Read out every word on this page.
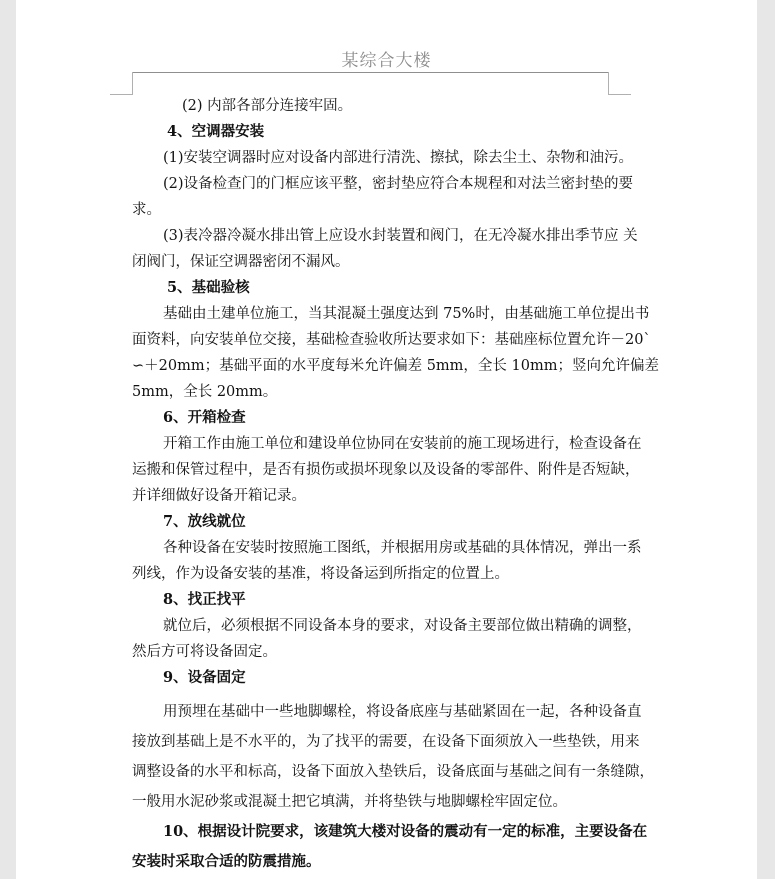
某综合大楼

(2) 内部各部分连接牢固。

4、空调器安装

(1)安装空调器时应对设备内部进行清洗、擦拭，除去尘土、杂物和油污。

(2)设备检查门的门框应该平整，密封垫应符合本规程和对法兰密封垫的要

求。

(3)表冷器冷凝水排出管上应设水封装置和阀门，在无冷凝水排出季节应 关

闭阀门，保证空调器密闭不漏风。

5、基础验核

基础由土建单位施工，当其混凝土强度达到 75%时，由基础施工单位提出书

面资料，向安装单位交接，基础检查验收所达要求如下：基础座标位置允许－20`

∽＋20mm；基础平面的水平度每米允许偏差 5mm，全长 10mm；竖向允许偏差

5mm，全长 20mm。

6、开箱检查

开箱工作由施工单位和建设单位协同在安装前的施工现场进行，检查设备在

运搬和保管过程中，是否有损伤或损坏现象以及设备的零部件、附件是否短缺，

并详细做好设备开箱记录。

7、放线就位

各种设备在安装时按照施工图纸，并根据用房或基础的具体情况，弹出一系

列线，作为设备安装的基准，将设备运到所指定的位置上。

8、找正找平

就位后，必须根据不同设备本身的要求，对设备主要部位做出精确的调整，

然后方可将设备固定。

9、设备固定

用预埋在基础中一些地脚螺栓，将设备底座与基础紧固在一起，各种设备直

接放到基础上是不水平的，为了找平的需要，在设备下面须放入一些垫铁，用来

调整设备的水平和标高，设备下面放入垫铁后，设备底面与基础之间有一条缝隙，

一般用水泥砂浆或混凝土把它填满，并将垫铁与地脚螺栓牢固定位。

10、根据设计院要求，该建筑大楼对设备的震动有一定的标准，主要设备在

安装时采取合适的防震措施。
